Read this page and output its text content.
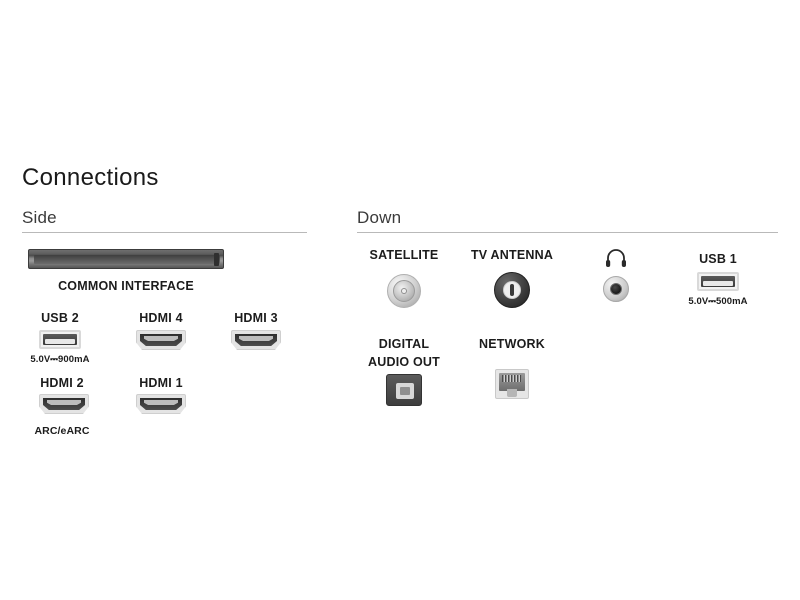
Connections
Side
COMMON INTERFACE
USB 2
5.0V⎓900mA
HDMI 4	HDMI 3
HDMI 2
ARC/eARC
HDMI 1
Down
SATELLITE	TV ANTENNA	USB 1
5.0V⎓500mA
DIGITAL
AUDIO OUT
NETWORK
